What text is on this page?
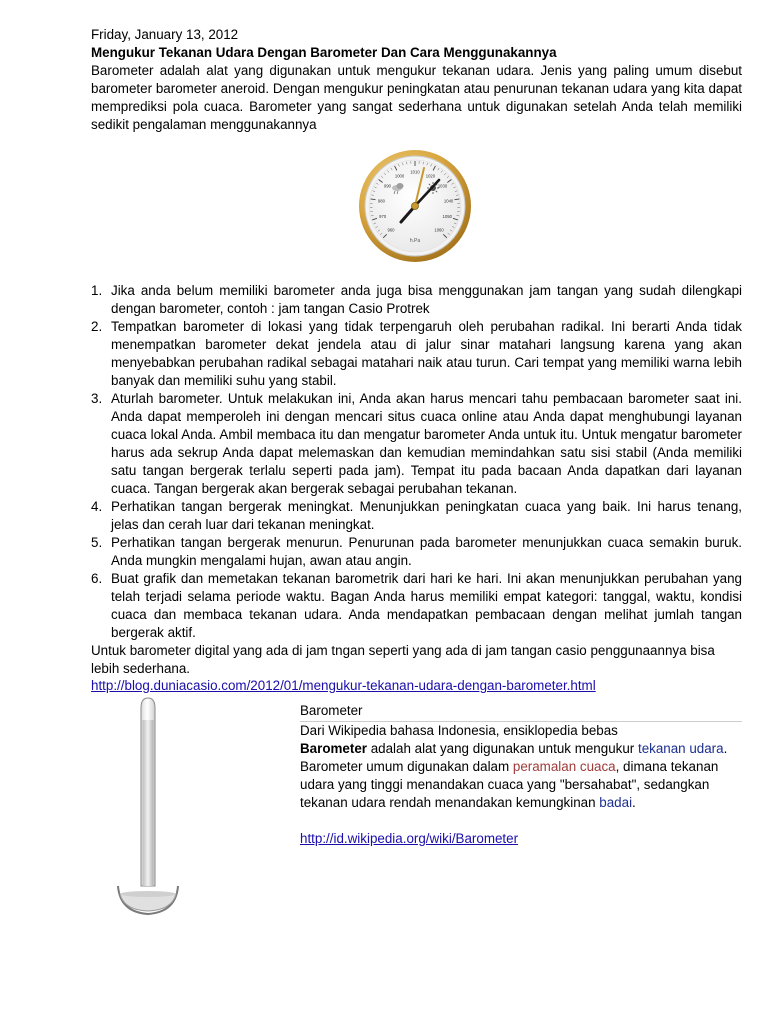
Friday, January 13, 2012
Mengukur Tekanan Udara Dengan Barometer Dan Cara Menggunakannya
Barometer adalah alat yang digunakan untuk mengukur tekanan udara. Jenis yang paling umum disebut barometer barometer aneroid. Dengan mengukur peningkatan atau penurunan tekanan udara yang kita dapat memprediksi pola cuaca. Barometer yang sangat sederhana untuk digunakan setelah Anda telah memiliki sedikit pengalaman menggunakannya
960
970
980
990
1000
1010
1020
1030
1040
1050
1060
h.Pa
1. Jika anda belum memiliki barometer anda juga bisa menggunakan jam tangan yang sudah dilengkapi dengan barometer, contoh : jam tangan Casio Protrek
2. Tempatkan barometer di lokasi yang tidak terpengaruh oleh perubahan radikal. Ini berarti Anda tidak menempatkan barometer dekat jendela atau di jalur sinar matahari langsung karena yang akan menyebabkan perubahan radikal sebagai matahari naik atau turun. Cari tempat yang memiliki warna lebih banyak dan memiliki suhu yang stabil.
3. Aturlah barometer. Untuk melakukan ini, Anda akan harus mencari tahu pembacaan barometer saat ini. Anda dapat memperoleh ini dengan mencari situs cuaca online atau Anda dapat menghubungi layanan cuaca lokal Anda. Ambil membaca itu dan mengatur barometer Anda untuk itu. Untuk mengatur barometer harus ada sekrup Anda dapat melemaskan dan kemudian memindahkan satu sisi stabil (Anda memiliki satu tangan bergerak terlalu seperti pada jam). Tempat itu pada bacaan Anda dapatkan dari layanan cuaca. Tangan bergerak akan bergerak sebagai perubahan tekanan.
4. Perhatikan tangan bergerak meningkat. Menunjukkan peningkatan cuaca yang baik. Ini harus tenang, jelas dan cerah luar dari tekanan meningkat.
5. Perhatikan tangan bergerak menurun. Penurunan pada barometer menunjukkan cuaca semakin buruk. Anda mungkin mengalami hujan, awan atau angin.
6. Buat grafik dan memetakan tekanan barometrik dari hari ke hari. Ini akan menunjukkan perubahan yang telah terjadi selama periode waktu. Bagan Anda harus memiliki empat kategori: tanggal, waktu, kondisi cuaca dan membaca tekanan udara. Anda mendapatkan pembacaan dengan melihat jumlah tangan bergerak aktif.
Untuk barometer digital yang ada di jam tngan seperti yang ada di jam tangan casio penggunaannya bisa lebih sederhana.
http://blog.duniacasio.com/2012/01/mengukur-tekanan-udara-dengan-barometer.html
Barometer
Dari Wikipedia bahasa Indonesia, ensiklopedia bebas
Barometer adalah alat yang digunakan untuk mengukur tekanan udara. Barometer umum digunakan dalam peramalan cuaca, dimana tekanan udara yang tinggi menandakan cuaca yang "bersahabat", sedangkan tekanan udara rendah menandakan kemungkinan badai.
http://id.wikipedia.org/wiki/Barometer
